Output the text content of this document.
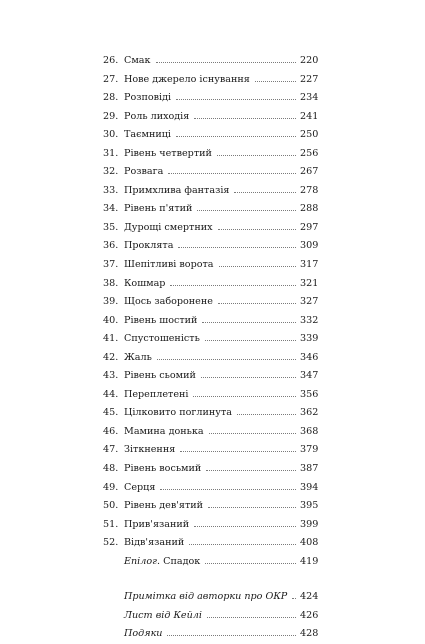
26. Смак	220
27. Нове джерело існування	227
28. Розповіді	234
29. Роль лиходія	241
30. Таємниці	250
31. Рівень четвертий	256
32. Розвага	267
33. Примхлива фантазія	278
34. Рівень п'ятий	288
35. Дурощі смертних	297
36. Проклята	309
37. Шепітливі ворота	317
38. Кошмар	321
39. Щось заборонене	327
40. Рівень шостий	332
41. Спустошеність	339
42. Жаль	346
43. Рівень сьомий	347
44. Переплетені	356
45. Цілковито поглинута	362
46. Мамина донька	368
47. Зіткнення	379
48. Рівень восьмий	387
49. Серця	394
50. Рівень дев'ятий	395
51. Прив'язаний	399
52. Відв'язаний	408
Епілог. Спадок	419
Примітка від авторки про ОКР	424
Лист від Кейлі	426
Подяки	428
